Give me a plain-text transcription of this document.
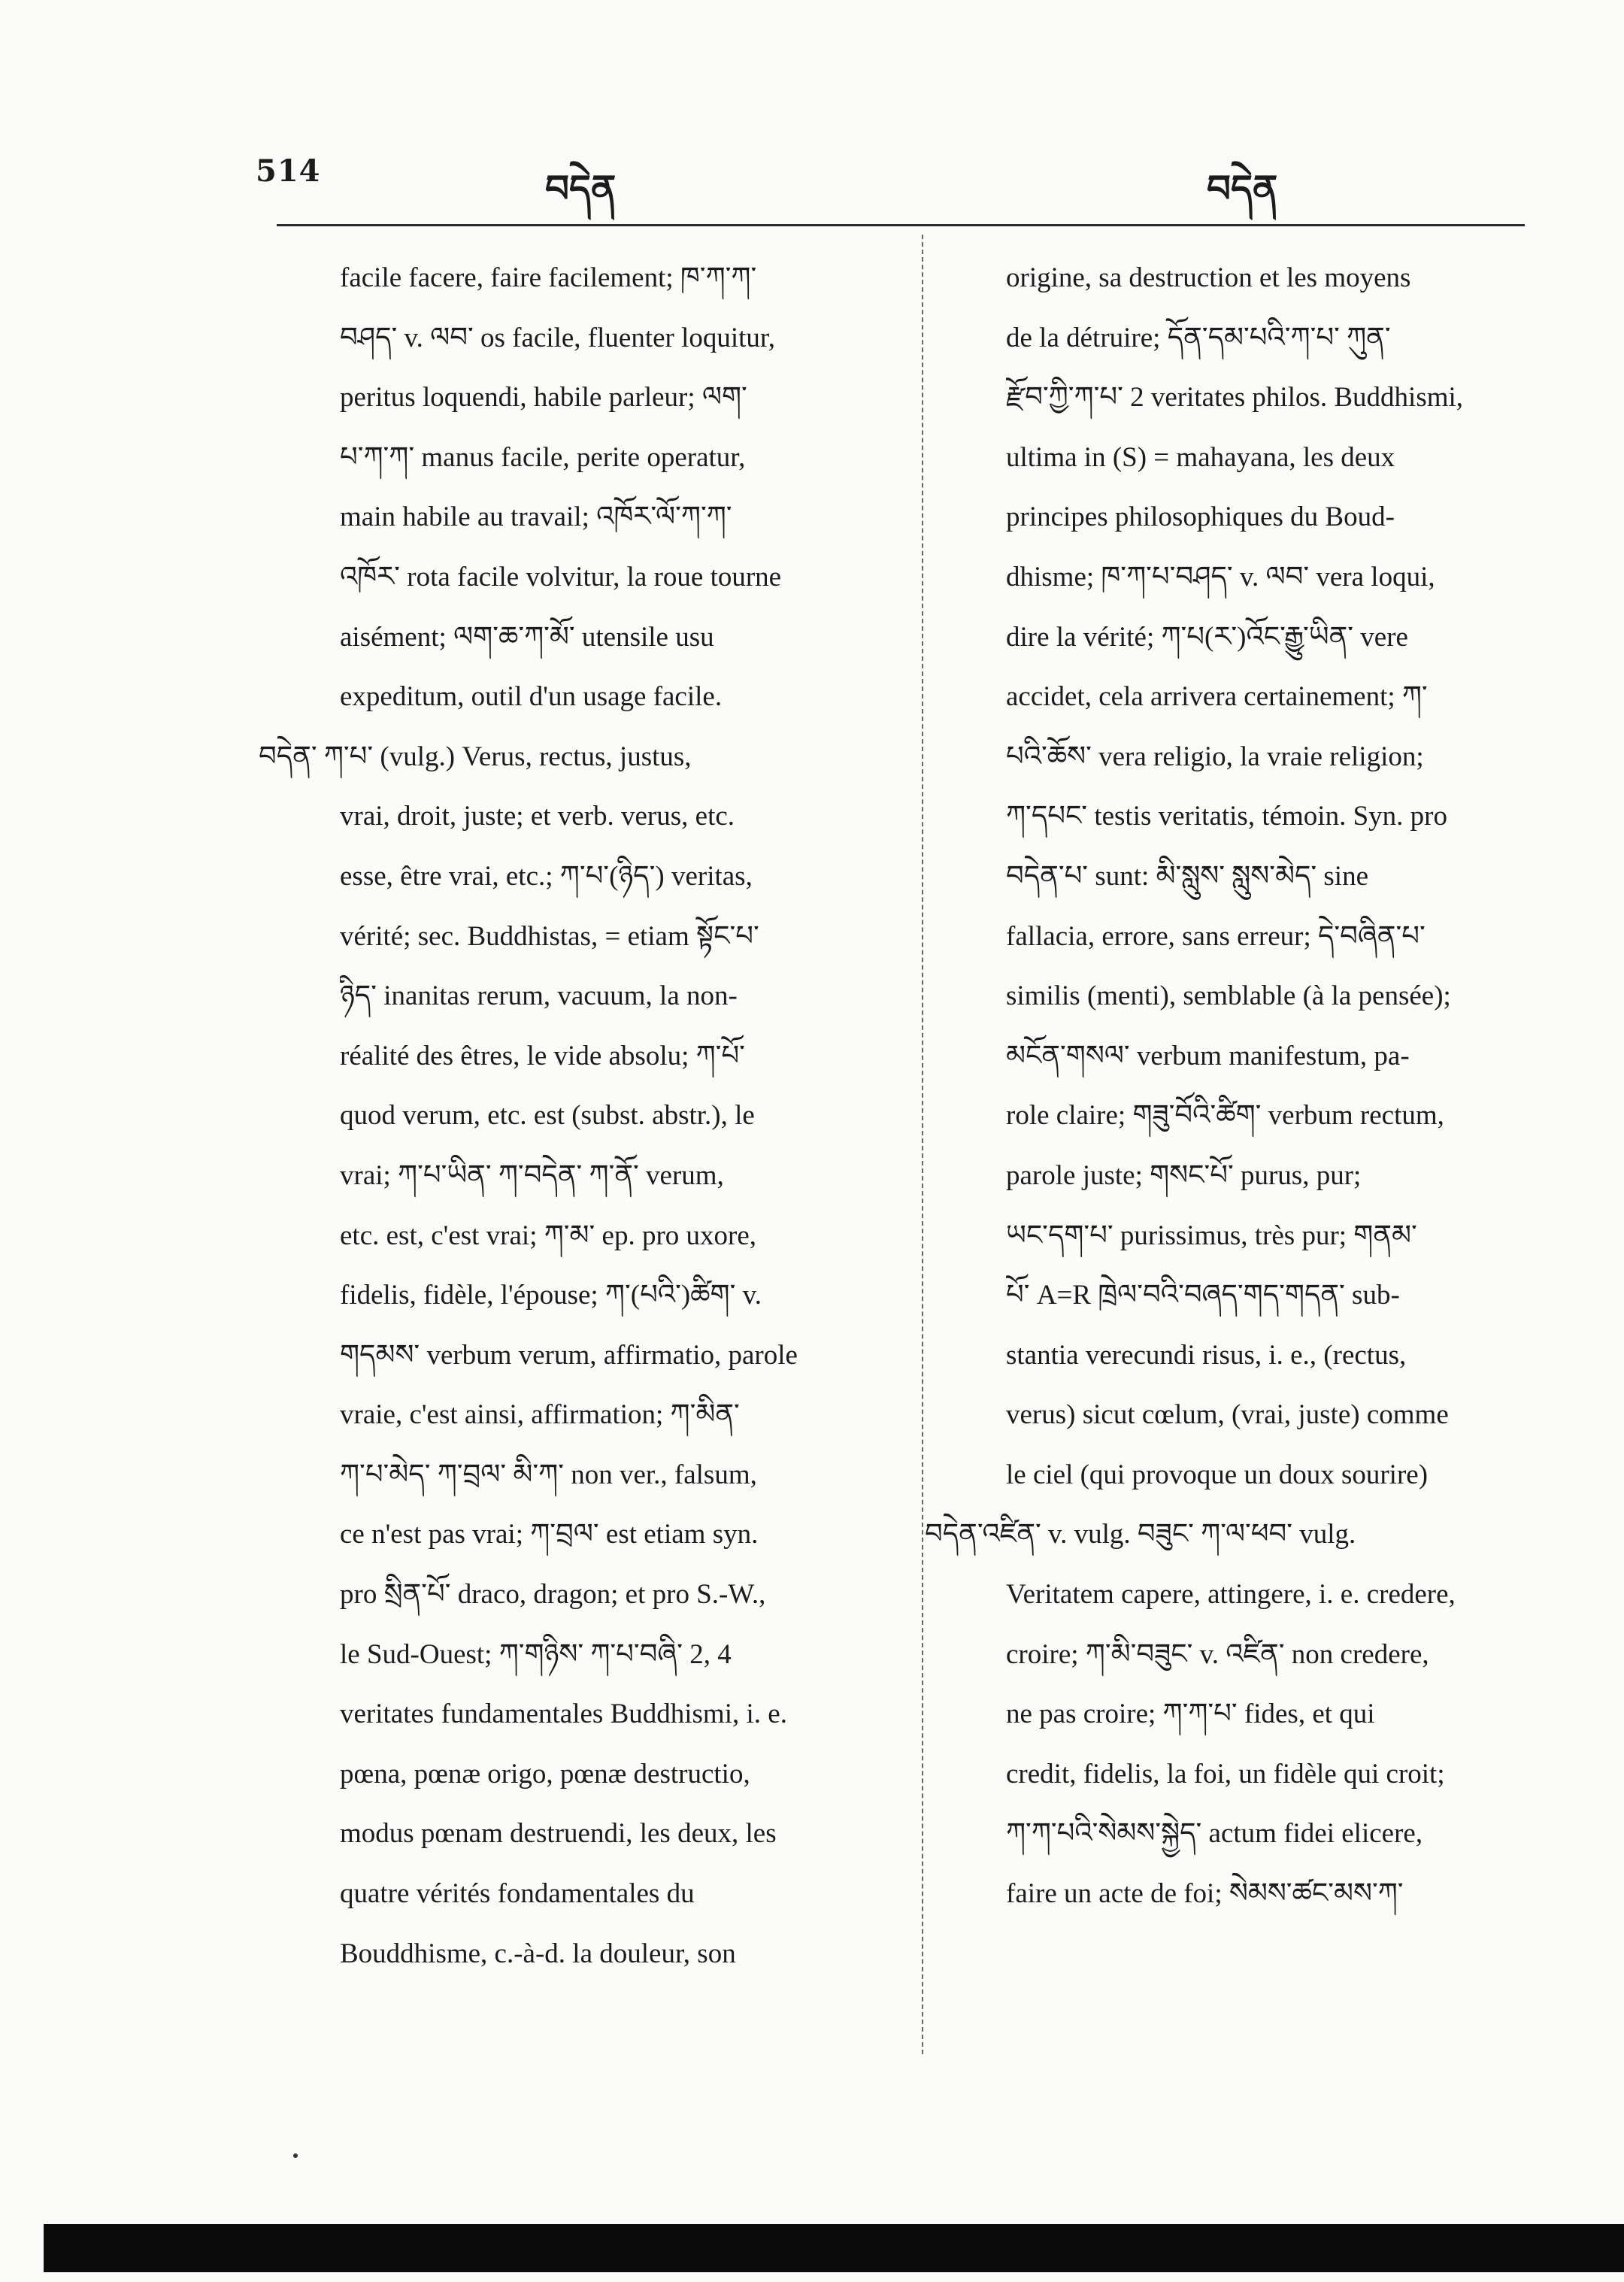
514	བདེན	བདེན
facile facere, faire facilement; ཁ་ཀ་ཀ་
བཤད་ v. ལབ་ os facile, fluenter loquitur,
peritus loquendi, habile parleur; ལག་
པ་ཀ་ཀ་ manus facile, perite operatur,
main habile au travail; འཁོར་ལོ་ཀ་ཀ་
འཁོར་ rota facile volvitur, la roue tourne
aisément; ལག་ཆ་ཀ་མོ་ utensile usu
expeditum, outil d'un usage facile.
བདེན་ ཀ་པ་ (vulg.) Verus, rectus, justus,
vrai, droit, juste; et verb. verus, etc.
esse, être vrai, etc.; ཀ་པ་(ཉིད་) veritas,
vérité; sec. Buddhistas, = etiam སྟོང་པ་
ཉིད་ inanitas rerum, vacuum, la non-
réalité des êtres, le vide absolu; ཀ་པོ་
quod verum, etc. est (subst. abstr.), le
vrai; ཀ་པ་ཡིན་ ཀ་བདེན་ ཀ་ནོ་ verum,
etc. est, c'est vrai; ཀ་མ་ ep. pro uxore,
fidelis, fidèle, l'épouse; ཀ་(པའི་)ཚིག་ v.
གདམས་ verbum verum, affirmatio, parole
vraie, c'est ainsi, affirmation; ཀ་མིན་
ཀ་པ་མེད་ ཀ་བྲལ་ མི་ཀ་ non ver., falsum,
ce n'est pas vrai; ཀ་བྲལ་ est etiam syn.
pro སྲིན་པོ་ draco, dragon; et pro S.-W.,
le Sud-Ouest; ཀ་གཉིས་ ཀ་པ་བཞི་ 2, 4
veritates fundamentales Buddhismi, i. e.
pœna, pœnæ origo, pœnæ destructio,
modus pœnam destruendi, les deux, les
quatre vérités fondamentales du
Bouddhisme, c.-à-d. la douleur, son
origine, sa destruction et les moyens
de la détruire; དོན་དམ་པའི་ཀ་པ་ ཀུན་
རྫོབ་ཀྱི་ཀ་པ་ 2 veritates philos. Buddhismi,
ultima in (S) = mahayana, les deux
principes philosophiques du Boud-
dhisme; ཁ་ཀ་པ་བཤད་ v. ལབ་ vera loqui,
dire la vérité; ཀ་པ(ར་)འོང་རྒྱུ་ཡིན་ vere
accidet, cela arrivera certainement; ཀ་
པའི་ཆོས་ vera religio, la vraie religion;
ཀ་དཔང་ testis veritatis, témoin. Syn. pro
བདེན་པ་ sunt: མི་སླུས་ སླུས་མེད་ sine
fallacia, errore, sans erreur; དེ་བཞིན་པ་
similis (menti), semblable (à la pensée);
མངོན་གསལ་ verbum manifestum, pa-
role claire; གཟུ་བོའི་ཚིག་ verbum rectum,
parole juste; གསང་པོ་ purus, pur;
ཡང་དག་པ་ purissimus, très pur; གནམ་
པོ་ A=R ཁྲེལ་བའི་བཞད་གད་གདན་ sub-
stantia verecundi risus, i. e., (rectus,
verus) sicut cœlum, (vrai, juste) comme
le ciel (qui provoque un doux sourire)
བདེན་འཛིན་ v. vulg. བཟུང་ ཀ་ལ་ཕབ་ vulg.
Veritatem capere, attingere, i. e. credere,
croire; ཀ་མི་བཟུང་ v. འཛིན་ non credere,
ne pas croire; ཀ་ཀ་པ་ fides, et qui
credit, fidelis, la foi, un fidèle qui croit;
ཀ་ཀ་པའི་སེམས་སྐྱེད་ actum fidei elicere,
faire un acte de foi; སེམས་ཚང་མས་ཀ་
